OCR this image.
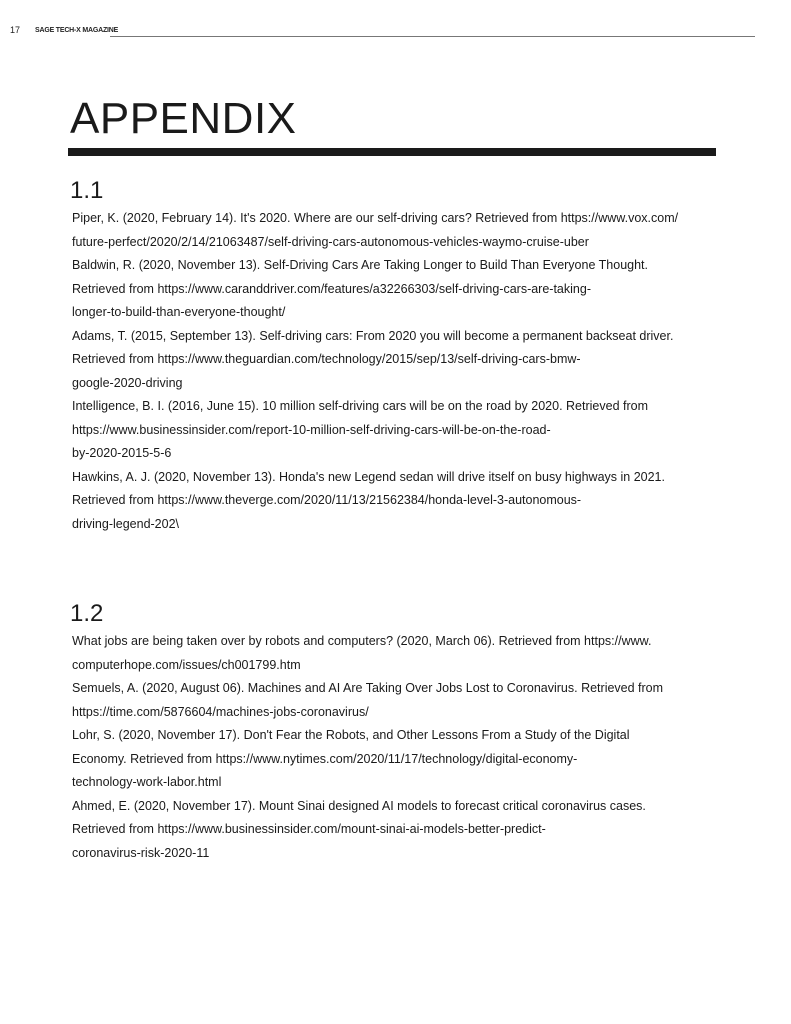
17 SAGE TECH-X MAGAZINE
APPENDIX
1.1
Piper, K. (2020, February 14). It's 2020. Where are our self-driving cars? Retrieved from https://www.vox.com/
future-perfect/2020/2/14/21063487/self-driving-cars-autonomous-vehicles-waymo-cruise-uber
Baldwin, R. (2020, November 13). Self-Driving Cars Are Taking Longer to Build Than Everyone Thought.
Retrieved from https://www.caranddriver.com/features/a32266303/self-driving-cars-are-taking-
longer-to-build-than-everyone-thought/
Adams, T. (2015, September 13). Self-driving cars: From 2020 you will become a permanent backseat driver.
Retrieved from https://www.theguardian.com/technology/2015/sep/13/self-driving-cars-bmw-
google-2020-driving
Intelligence, B. I. (2016, June 15). 10 million self-driving cars will be on the road by 2020. Retrieved from
https://www.businessinsider.com/report-10-million-self-driving-cars-will-be-on-the-road-
by-2020-2015-5-6
Hawkins, A. J. (2020, November 13). Honda's new Legend sedan will drive itself on busy highways in 2021.
Retrieved from https://www.theverge.com/2020/11/13/21562384/honda-level-3-autonomous-
driving-legend-202\
1.2
What jobs are being taken over by robots and computers? (2020, March 06). Retrieved from https://www.
computerhope.com/issues/ch001799.htm
Semuels, A. (2020, August 06). Machines and AI Are Taking Over Jobs Lost to Coronavirus. Retrieved from
https://time.com/5876604/machines-jobs-coronavirus/
Lohr, S. (2020, November 17). Don't Fear the Robots, and Other Lessons From a Study of the Digital
Economy. Retrieved from https://www.nytimes.com/2020/11/17/technology/digital-economy-
technology-work-labor.html
Ahmed, E. (2020, November 17). Mount Sinai designed AI models to forecast critical coronavirus cases.
Retrieved from https://www.businessinsider.com/mount-sinai-ai-models-better-predict-
coronavirus-risk-2020-11
